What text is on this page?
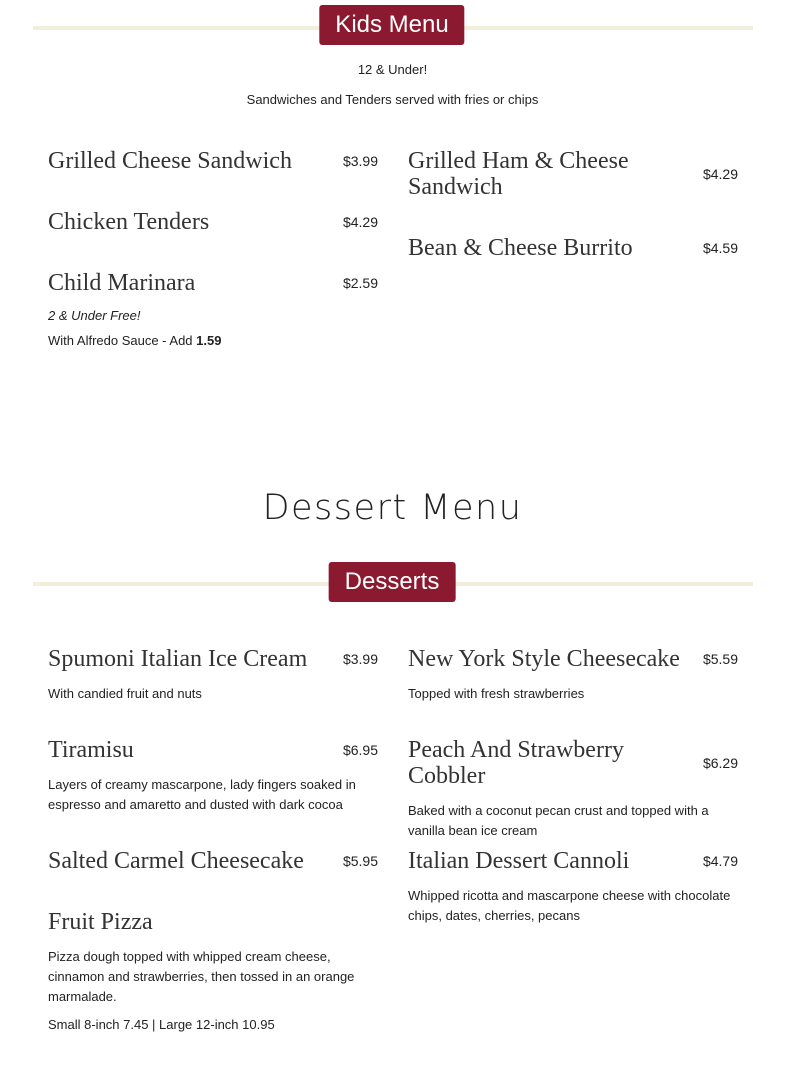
Kids Menu
12 & Under!
Sandwiches and Tenders served with fries or chips
Grilled Cheese Sandwich	$3.99
Chicken Tenders	$4.29
Child Marinara	$2.59
2 & Under Free!
With Alfredo Sauce - Add 1.59
Grilled Ham & Cheese Sandwich	$4.29
Bean & Cheese Burrito	$4.59
Dessert Menu
Desserts
Spumoni Italian Ice Cream	$3.99
With candied fruit and nuts
Tiramisu	$6.95
Layers of creamy mascarpone, lady fingers soaked in espresso and amaretto and dusted with dark cocoa
Salted Carmel Cheesecake	$5.95
Fruit Pizza
Pizza dough topped with whipped cream cheese, cinnamon and strawberries, then tossed in an orange marmalade.
Small 8-inch 7.45 | Large 12-inch 10.95
New York Style Cheesecake $5.59
Topped with fresh strawberries
Peach And Strawberry Cobbler	$6.29
Baked with a coconut pecan crust and topped with a vanilla bean ice cream
Italian Dessert Cannoli	$4.79
Whipped ricotta and mascarpone cheese with chocolate chips, dates, cherries, pecans
